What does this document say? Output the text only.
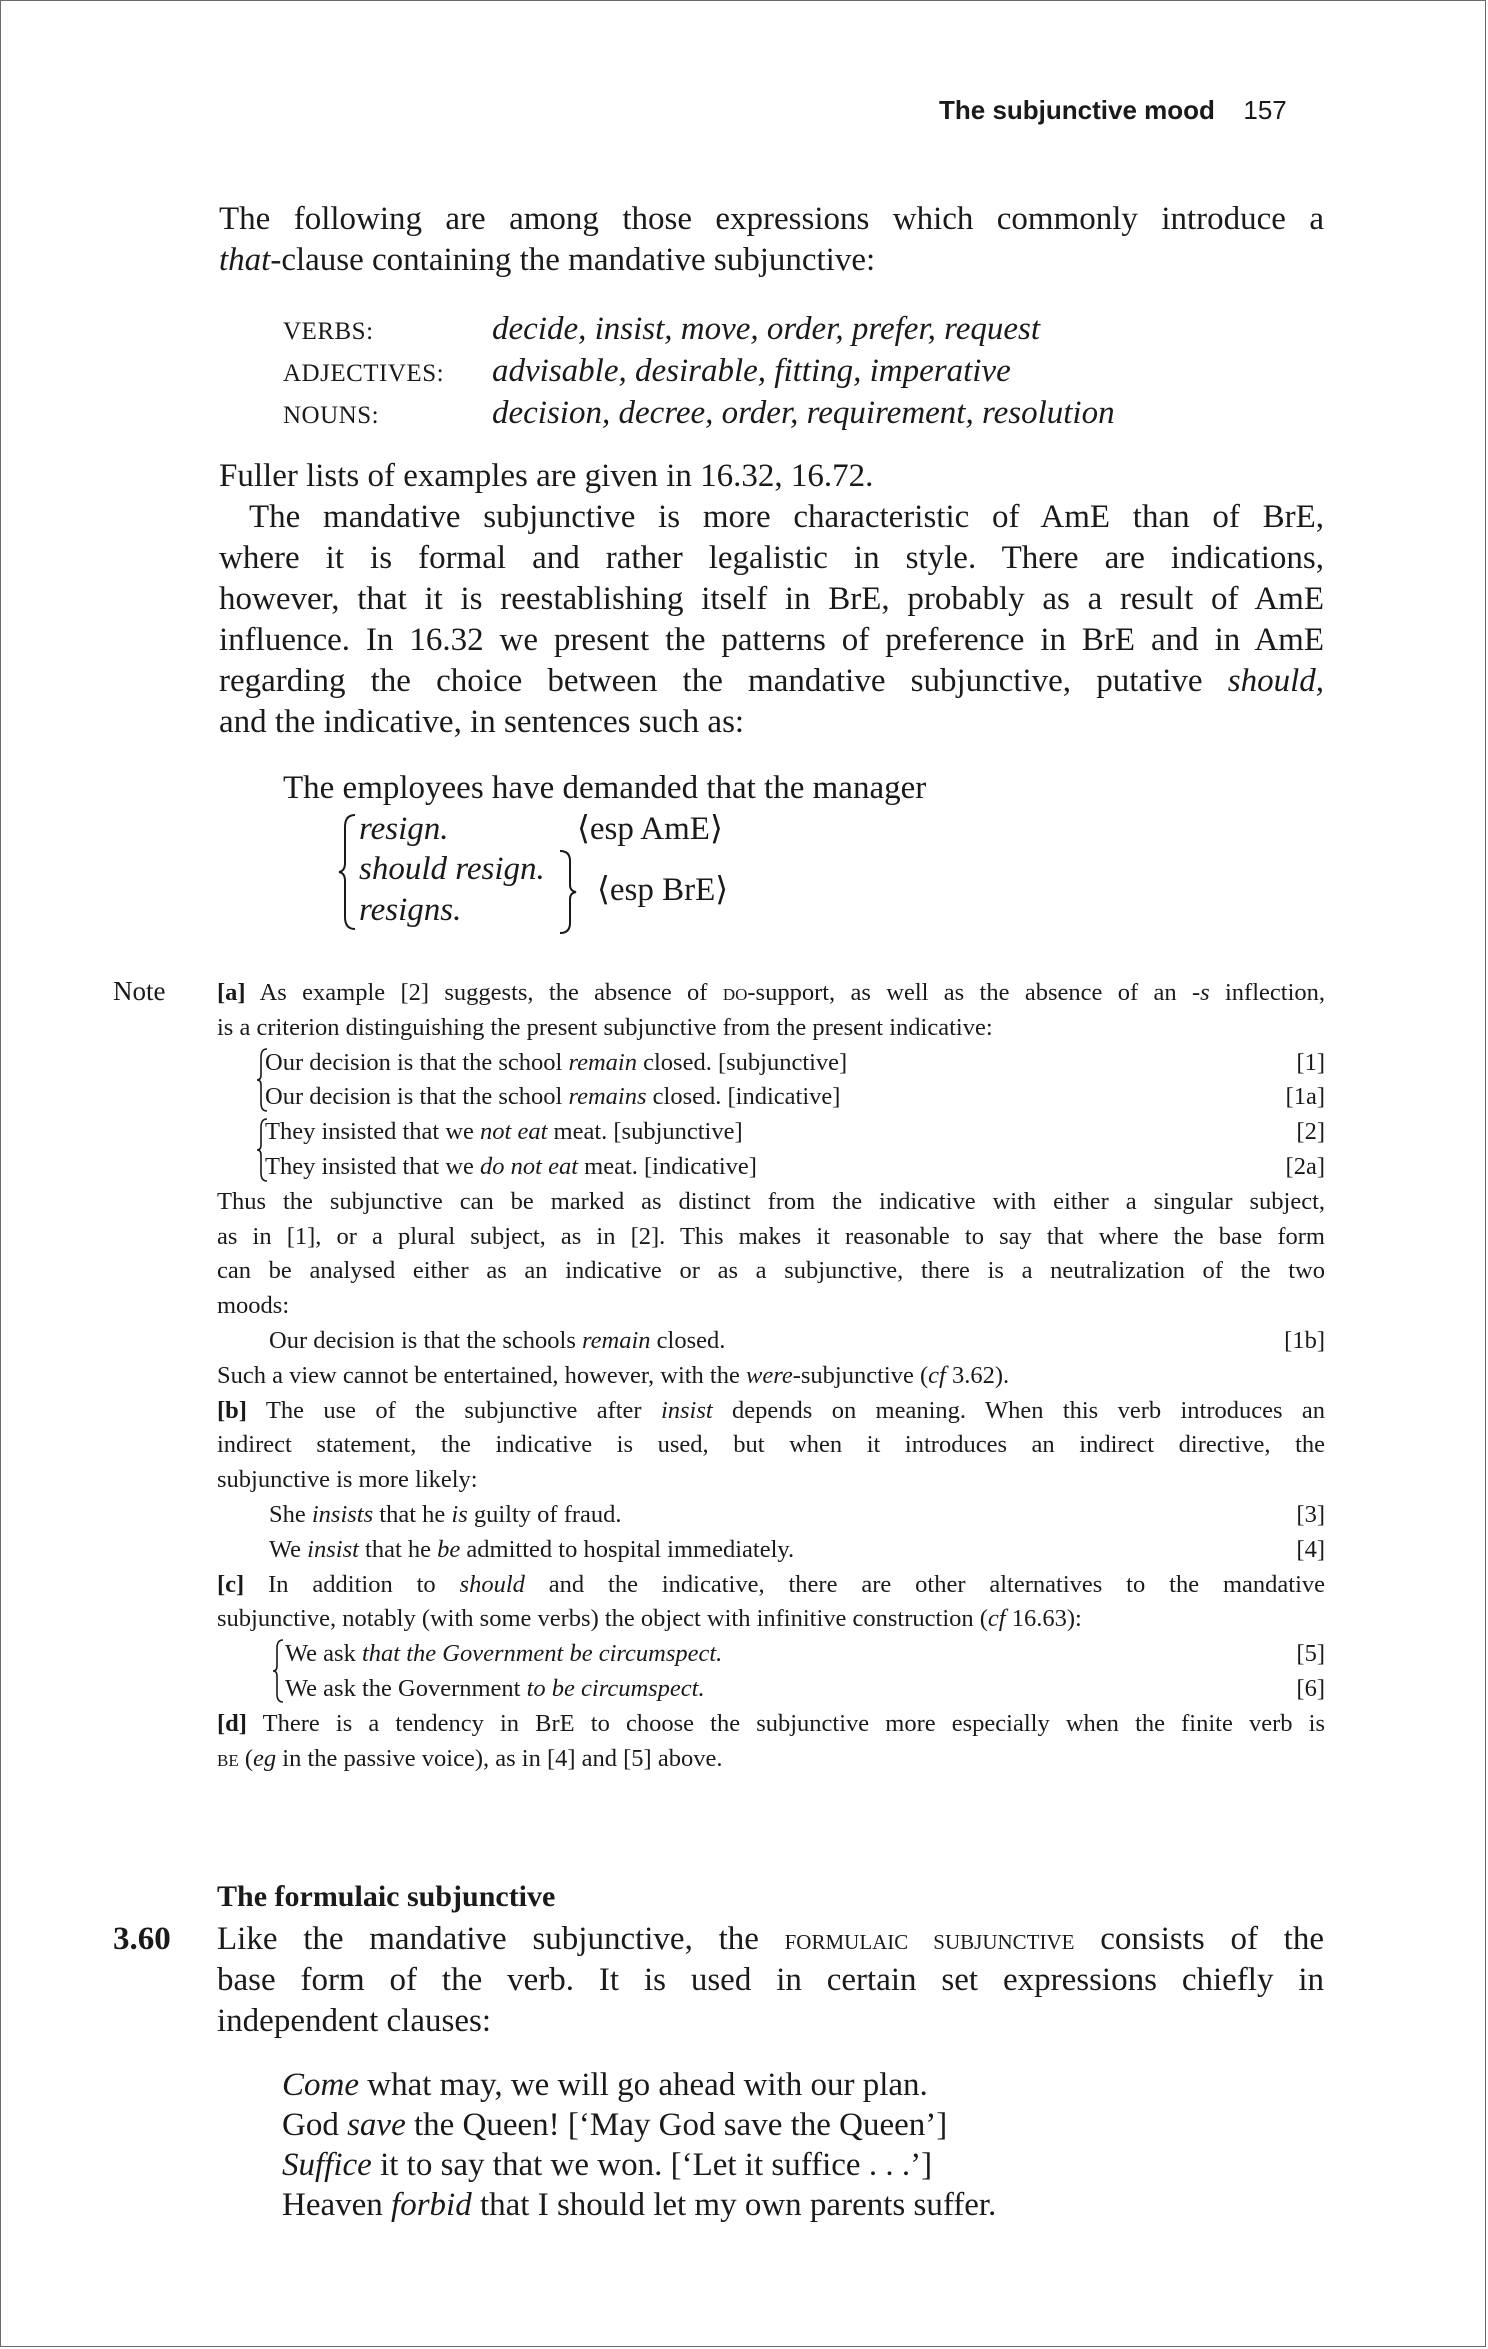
The subjunctive mood 157

The following are among those expressions which commonly introduce a

that-clause containing the mandative subjunctive:

VERBS:	decide, insist, move, order, prefer, request
ADJECTIVES: advisable, desirable, fitting, imperative
NOUNS:	decision, decree, order, requirement, resolution

Fuller lists of examples are given in 16.32, 16.72.

The mandative subjunctive is more characteristic of AmE than of BrE,

where it is formal and rather legalistic in style. There are indications,

however, that it is reestablishing itself in BrE, probably as a result of AmE

influence. In 16.32 we present the patterns of preference in BrE and in AmE

regarding the choice between the mandative subjunctive, putative should,

and the indicative, in sentences such as:

The employees have demanded that the manager
resign.	⟨esp AmE⟩
should resign.
resigns.
⟨esp BrE⟩
Note [a] As example [2] suggests, the absence of do-support, as well as the absence of an -s inflection,
is a criterion distinguishing the present subjunctive from the present indicative:
Our decision is that the school remain closed. [subjunctive]	[1]
Our decision is that the school remains closed. [indicative]	[1a]
They insisted that we not eat meat. [subjunctive]	[2]
They insisted that we do not eat meat. [indicative]	[2a]
Thus the subjunctive can be marked as distinct from the indicative with either a singular subject,
as in [1], or a plural subject, as in [2]. This makes it reasonable to say that where the base form
can be analysed either as an indicative or as a subjunctive, there is a neutralization of the two
moods:
Our decision is that the schools remain closed.	[1b]
Such a view cannot be entertained, however, with the were-subjunctive (cf 3.62).
[b] The use of the subjunctive after insist depends on meaning. When this verb introduces an
indirect statement, the indicative is used, but when it introduces an indirect directive, the
subjunctive is more likely:
She insists that he is guilty of fraud.	[3]
We insist that he be admitted to hospital immediately.	[4]
[c] In addition to should and the indicative, there are other alternatives to the mandative
subjunctive, notably (with some verbs) the object with infinitive construction (cf 16.63):
We ask that the Government be circumspect.	[5]
We ask the Government to be circumspect.	[6]
[d] There is a tendency in BrE to choose the subjunctive more especially when the finite verb is
be (eg in the passive voice), as in [4] and [5] above.
The formulaic subjunctive
3.60 Like the mandative subjunctive, the formulaic subjunctive consists of the

base form of the verb. It is used in certain set expressions chiefly in

independent clauses:

Come what may, we will go ahead with our plan.
God save the Queen! [‘May God save the Queen’]
Suffice it to say that we won. [‘Let it suffice . . .’]
Heaven forbid that I should let my own parents suffer.
